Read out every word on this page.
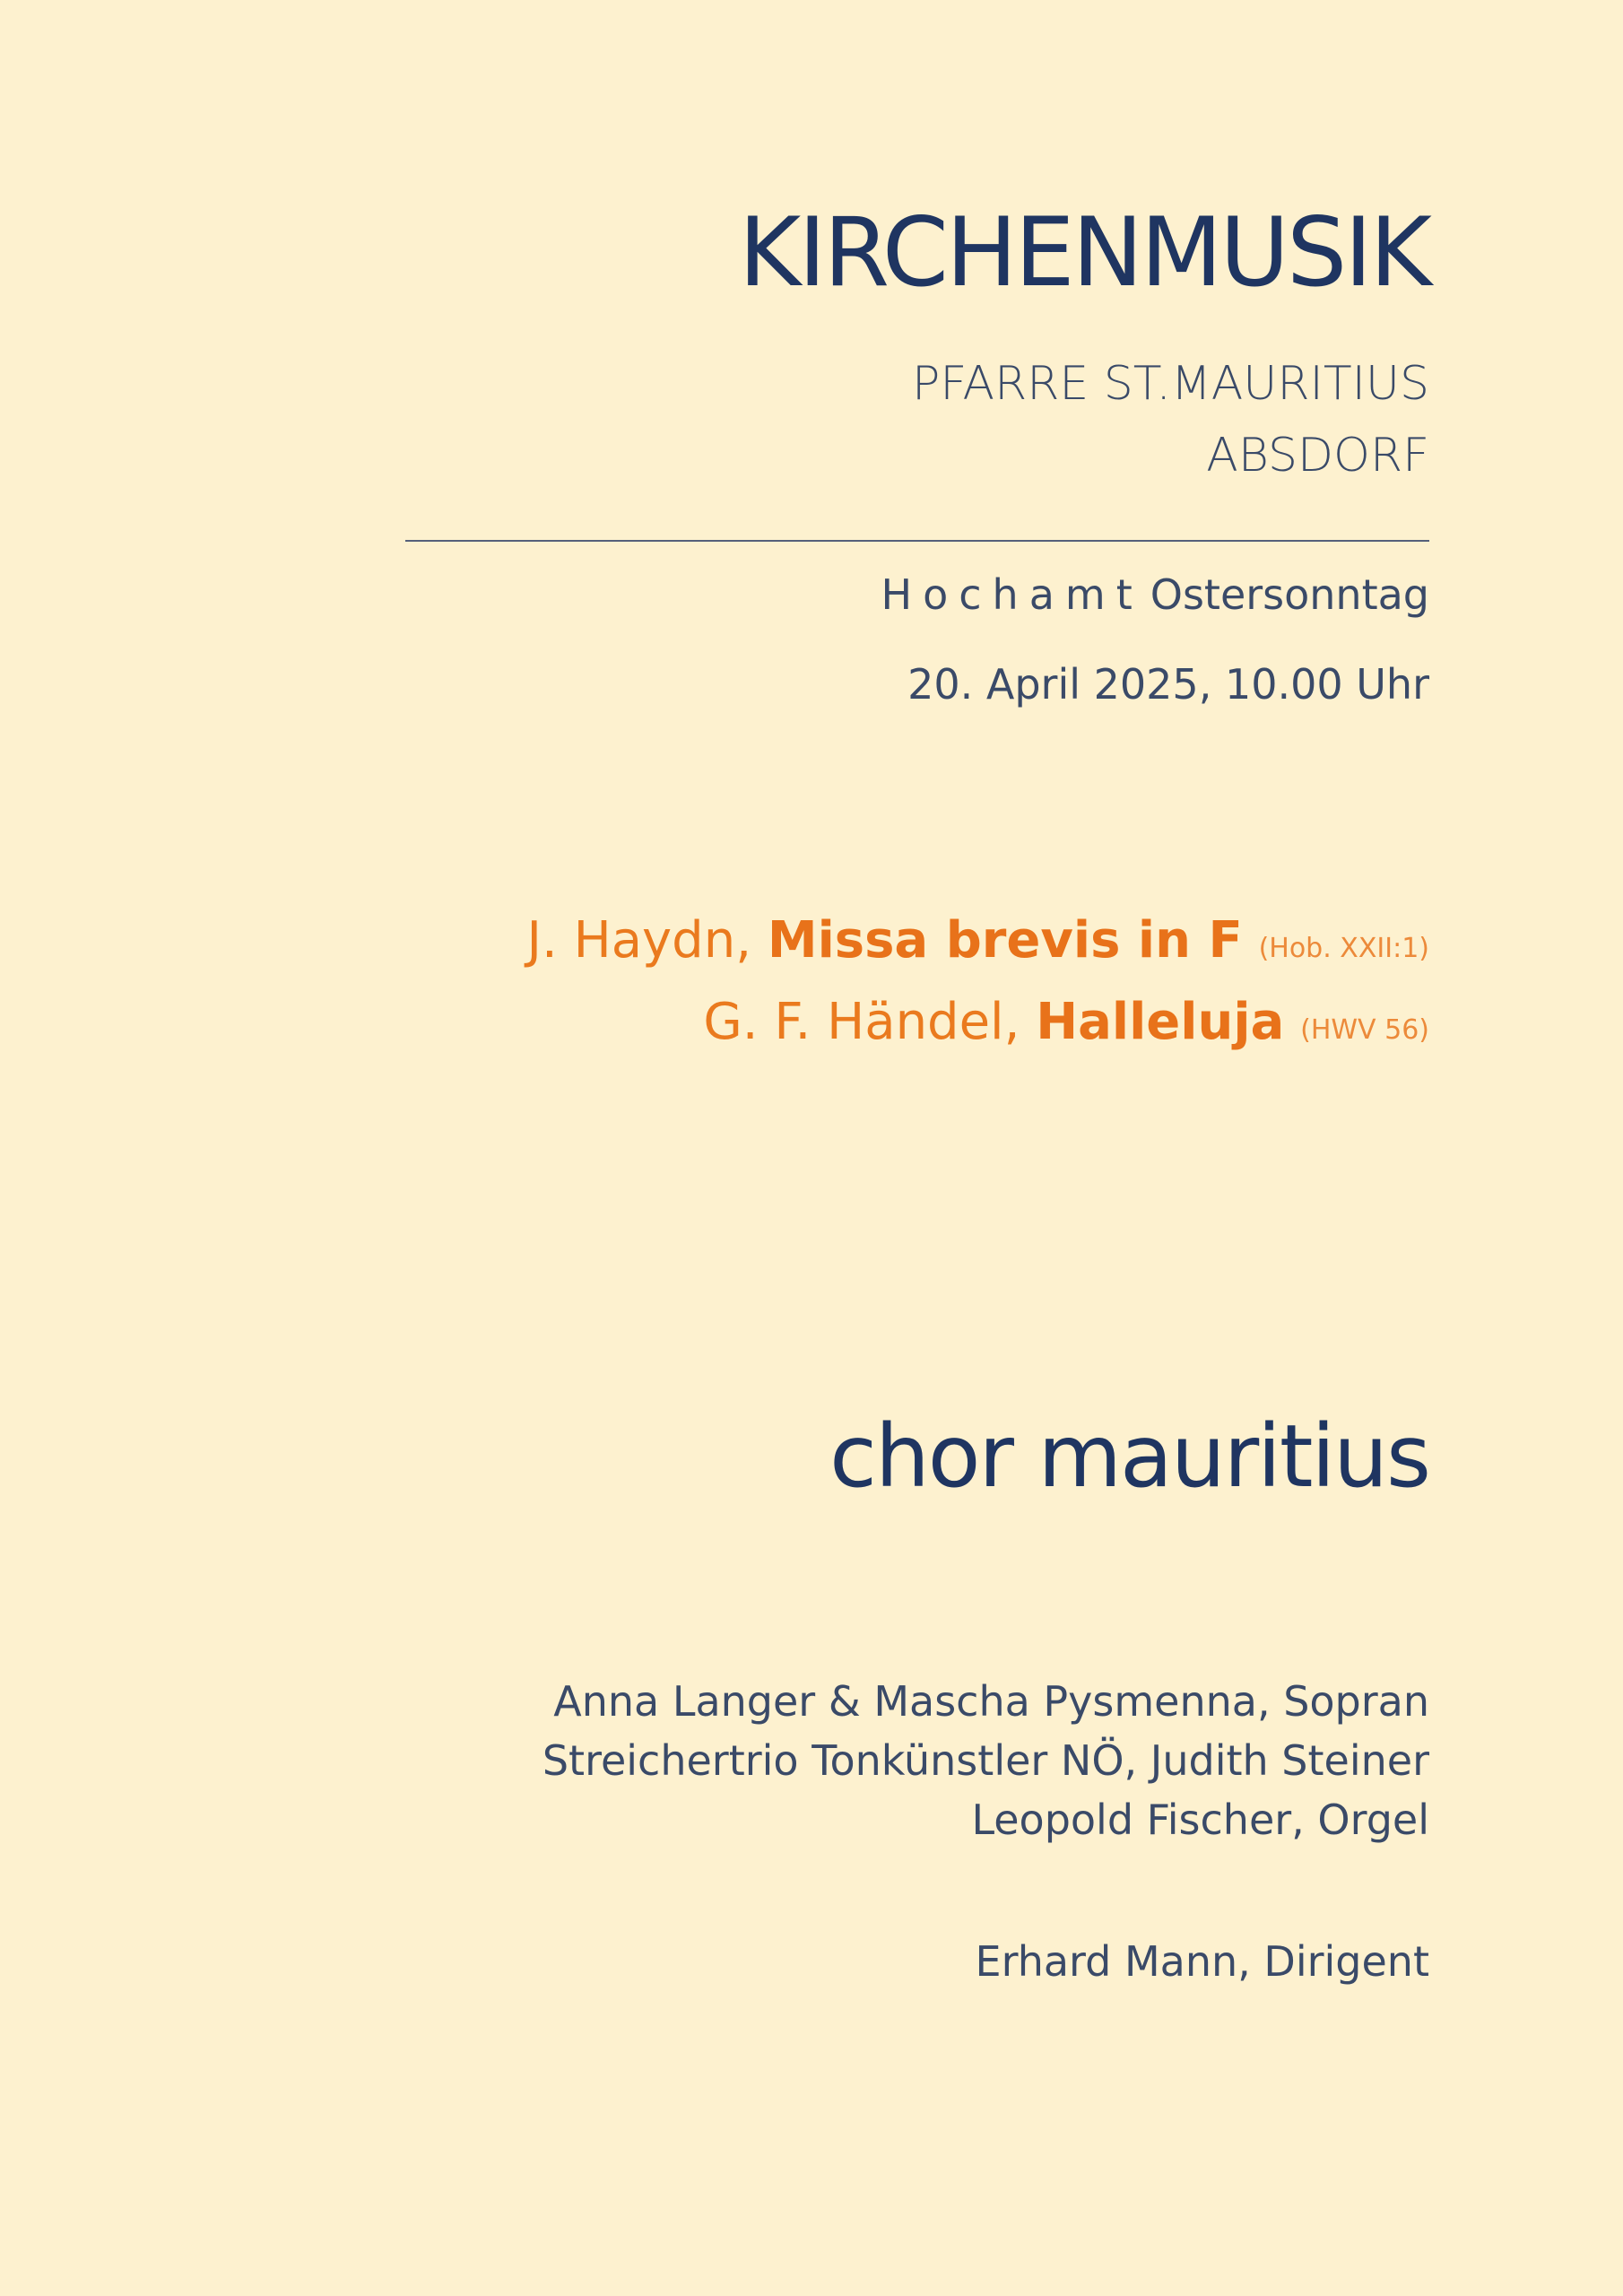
KIRCHENMUSIK
PFARRE ST.MAURITIUS
ABSDORF
Hochamt Ostersonntag
20. April 2025, 10.00 Uhr
J. Haydn, Missa brevis in F (Hob. XXII:1)
G. F. Händel, Halleluja (HWV 56)
chor mauritius
Anna Langer & Mascha Pysmenna, Sopran
Streichertrio Tonkünstler NÖ, Judith Steiner
Leopold Fischer, Orgel
Erhard Mann, Dirigent
